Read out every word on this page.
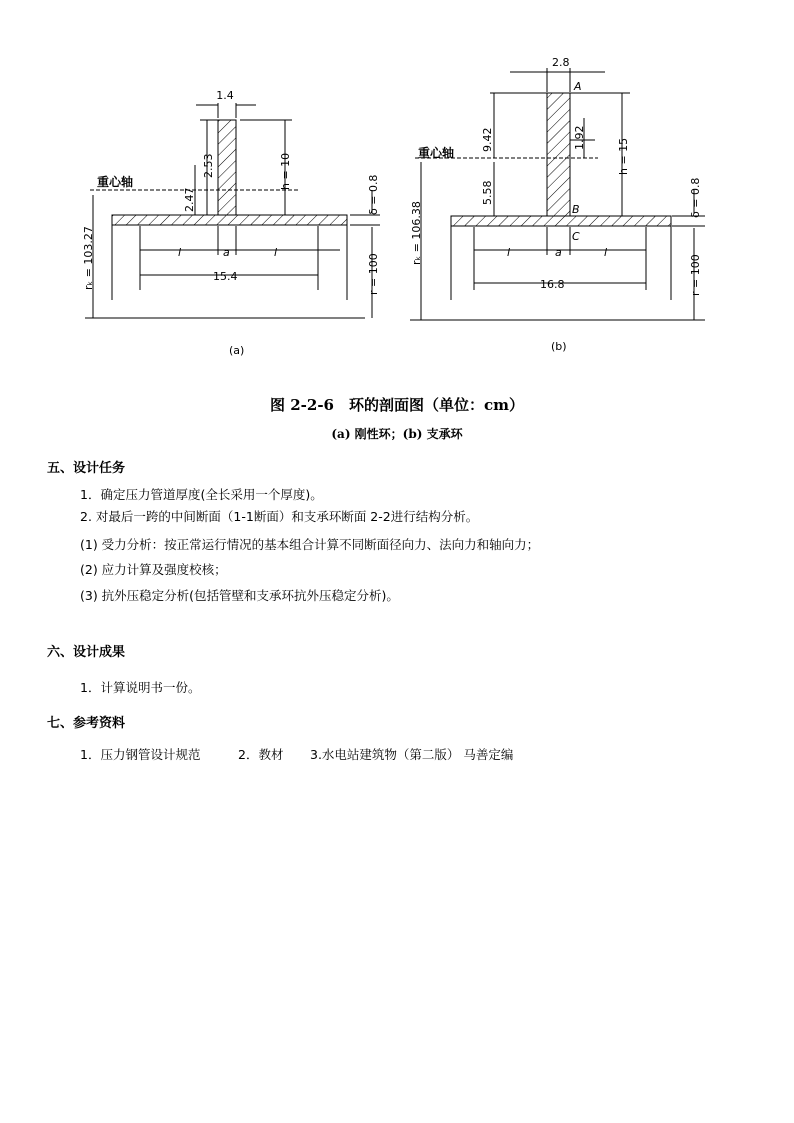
1.4
2.53
2.47
h = 10
重心轴
rₖ = 103.27
δ = 0.8
r = 100
l	a	l
15.4
(a)
2.8
A
B
C
9.42	1.92
h = 15
重心轴
5.58
rₖ = 106.38
δ = 0.8
r = 100
l	a	l
16.8
(b)
图 2-2-6　环的剖面图（单位：cm）
(a) 刚性环；(b) 支承环
五、设计任务
1．确定压力管道厚度(全长采用一个厚度)。
2. 对最后一跨的中间断面（1-1断面）和支承环断面 2-2进行结构分析。
(1) 受力分析：按正常运行情况的基本组合计算不同断面径向力、法向力和轴向力；
(2) 应力计算及强度校核；
(3) 抗外压稳定分析(包括管壁和支承环抗外压稳定分析)。
六、设计成果
1．计算说明书一份。
七、参考资料
1．压力钢管设计规范	2．教材 3.水电站建筑物（第二版） 马善定编
